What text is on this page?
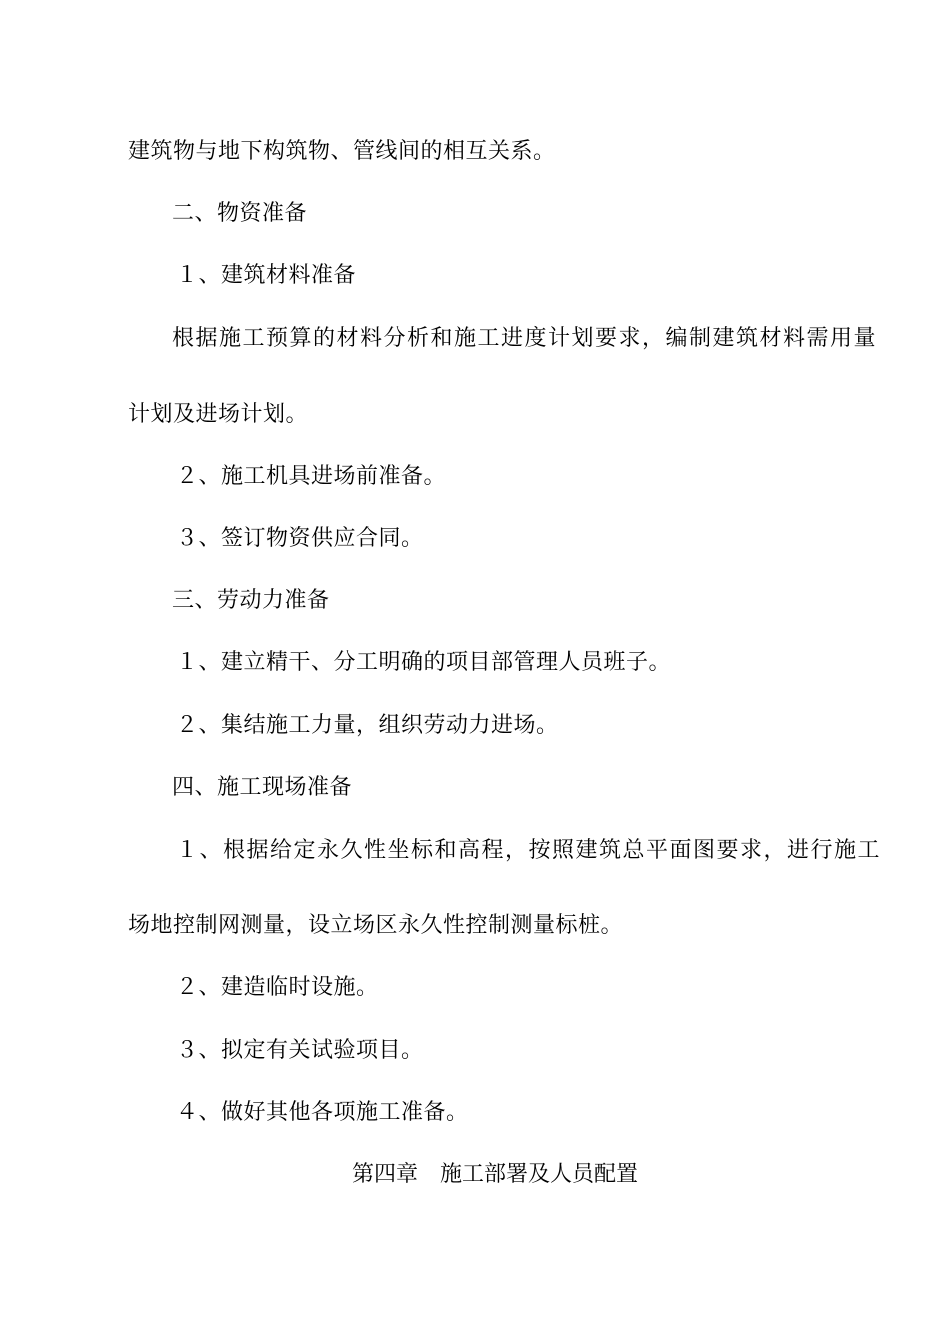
建筑物与地下构筑物、管线间的相互关系。
二、物资准备
１、建筑材料准备
根据施工预算的材料分析和施工进度计划要求，编制建筑材料需用量
计划及进场计划。
２、施工机具进场前准备。
３、签订物资供应合同。
三、劳动力准备
１、建立精干、分工明确的项目部管理人员班子。
２、集结施工力量，组织劳动力进场。
四、施工现场准备
１、根据给定永久性坐标和高程，按照建筑总平面图要求，进行施工
场地控制网测量，设立场区永久性控制测量标桩。
２、建造临时设施。
３、拟定有关试验项目。
４、做好其他各项施工准备。
第四章　施工部署及人员配置
